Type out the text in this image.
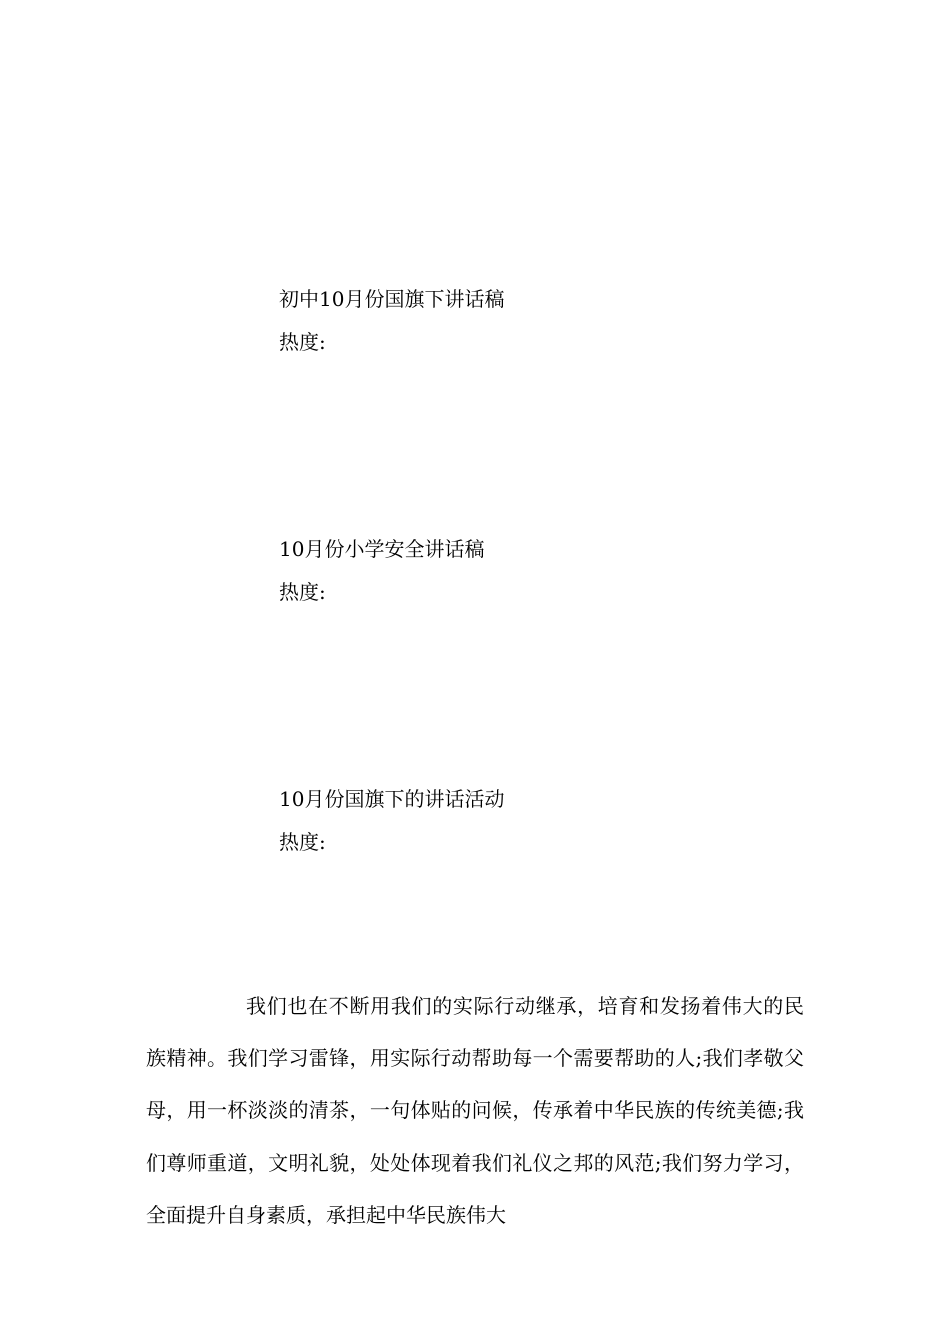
初中10月份国旗下讲话稿
热度:
10月份小学安全讲话稿
热度:
10月份国旗下的讲话活动
热度:

我们也在不断用我们的实际行动继承，培育和发扬着伟大的民族精神。我们学习雷锋，用实际行动帮助每一个需要帮助的人;我们孝敬父母，用一杯淡淡的清茶，一句体贴的问候，传承着中华民族的传统美德;我们尊师重道，文明礼貌，处处体现着我们礼仪之邦的风范;我们努力学习，全面提升自身素质，承担起中华民族伟大
